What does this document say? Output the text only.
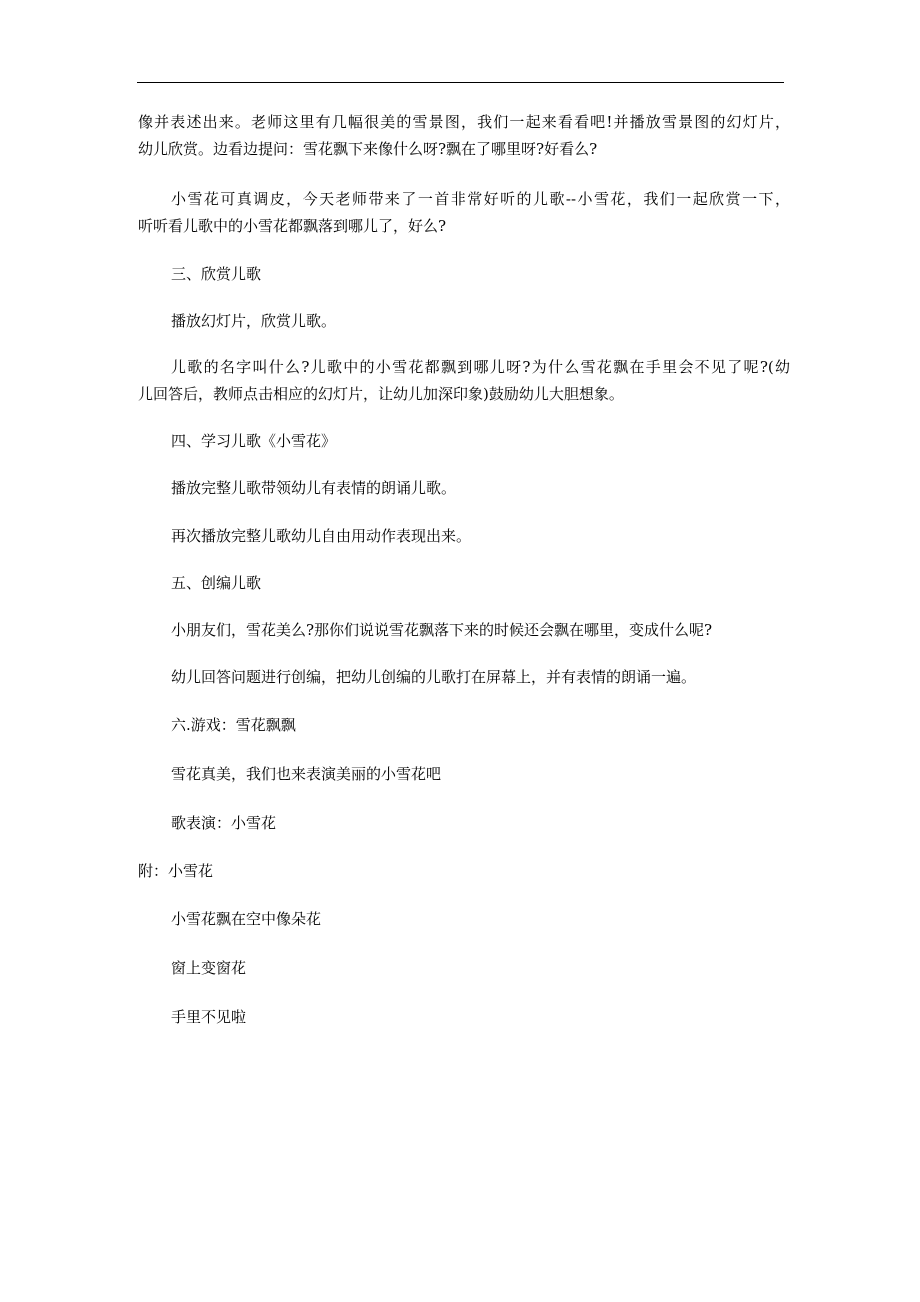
像并表述出来。老师这里有几幅很美的雪景图，我们一起来看看吧!并播放雪景图的幻灯片，
幼儿欣赏。边看边提问：雪花飘下来像什么呀?飘在了哪里呀?好看么?
小雪花可真调皮，今天老师带来了一首非常好听的儿歌--小雪花，我们一起欣赏一下，
听听看儿歌中的小雪花都飘落到哪儿了，好么?
三、欣赏儿歌
播放幻灯片，欣赏儿歌。
儿歌的名字叫什么?儿歌中的小雪花都飘到哪儿呀?为什么雪花飘在手里会不见了呢?(幼
儿回答后，教师点击相应的幻灯片，让幼儿加深印象)鼓励幼儿大胆想象。
四、学习儿歌《小雪花》
播放完整儿歌带领幼儿有表情的朗诵儿歌。
再次播放完整儿歌幼儿自由用动作表现出来。
五、创编儿歌
小朋友们，雪花美么?那你们说说雪花飘落下来的时候还会飘在哪里，变成什么呢?
幼儿回答问题进行创编，把幼儿创编的儿歌打在屏幕上，并有表情的朗诵一遍。
六.游戏：雪花飘飘
雪花真美，我们也来表演美丽的小雪花吧
歌表演：小雪花
附：小雪花
小雪花飘在空中像朵花
窗上变窗花
手里不见啦
